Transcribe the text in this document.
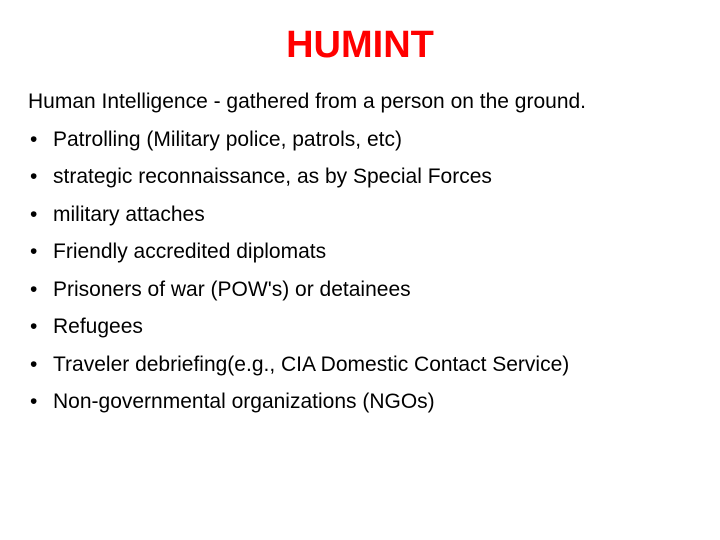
HUMINT
Human Intelligence - gathered from a person on the ground.
• Patrolling (Military police, patrols, etc)
• strategic reconnaissance, as by Special Forces
• military attaches
• Friendly accredited diplomats
• Prisoners of war (POW's) or detainees
• Refugees
• Traveler debriefing(e.g., CIA Domestic Contact Service)
• Non-governmental organizations (NGOs)
